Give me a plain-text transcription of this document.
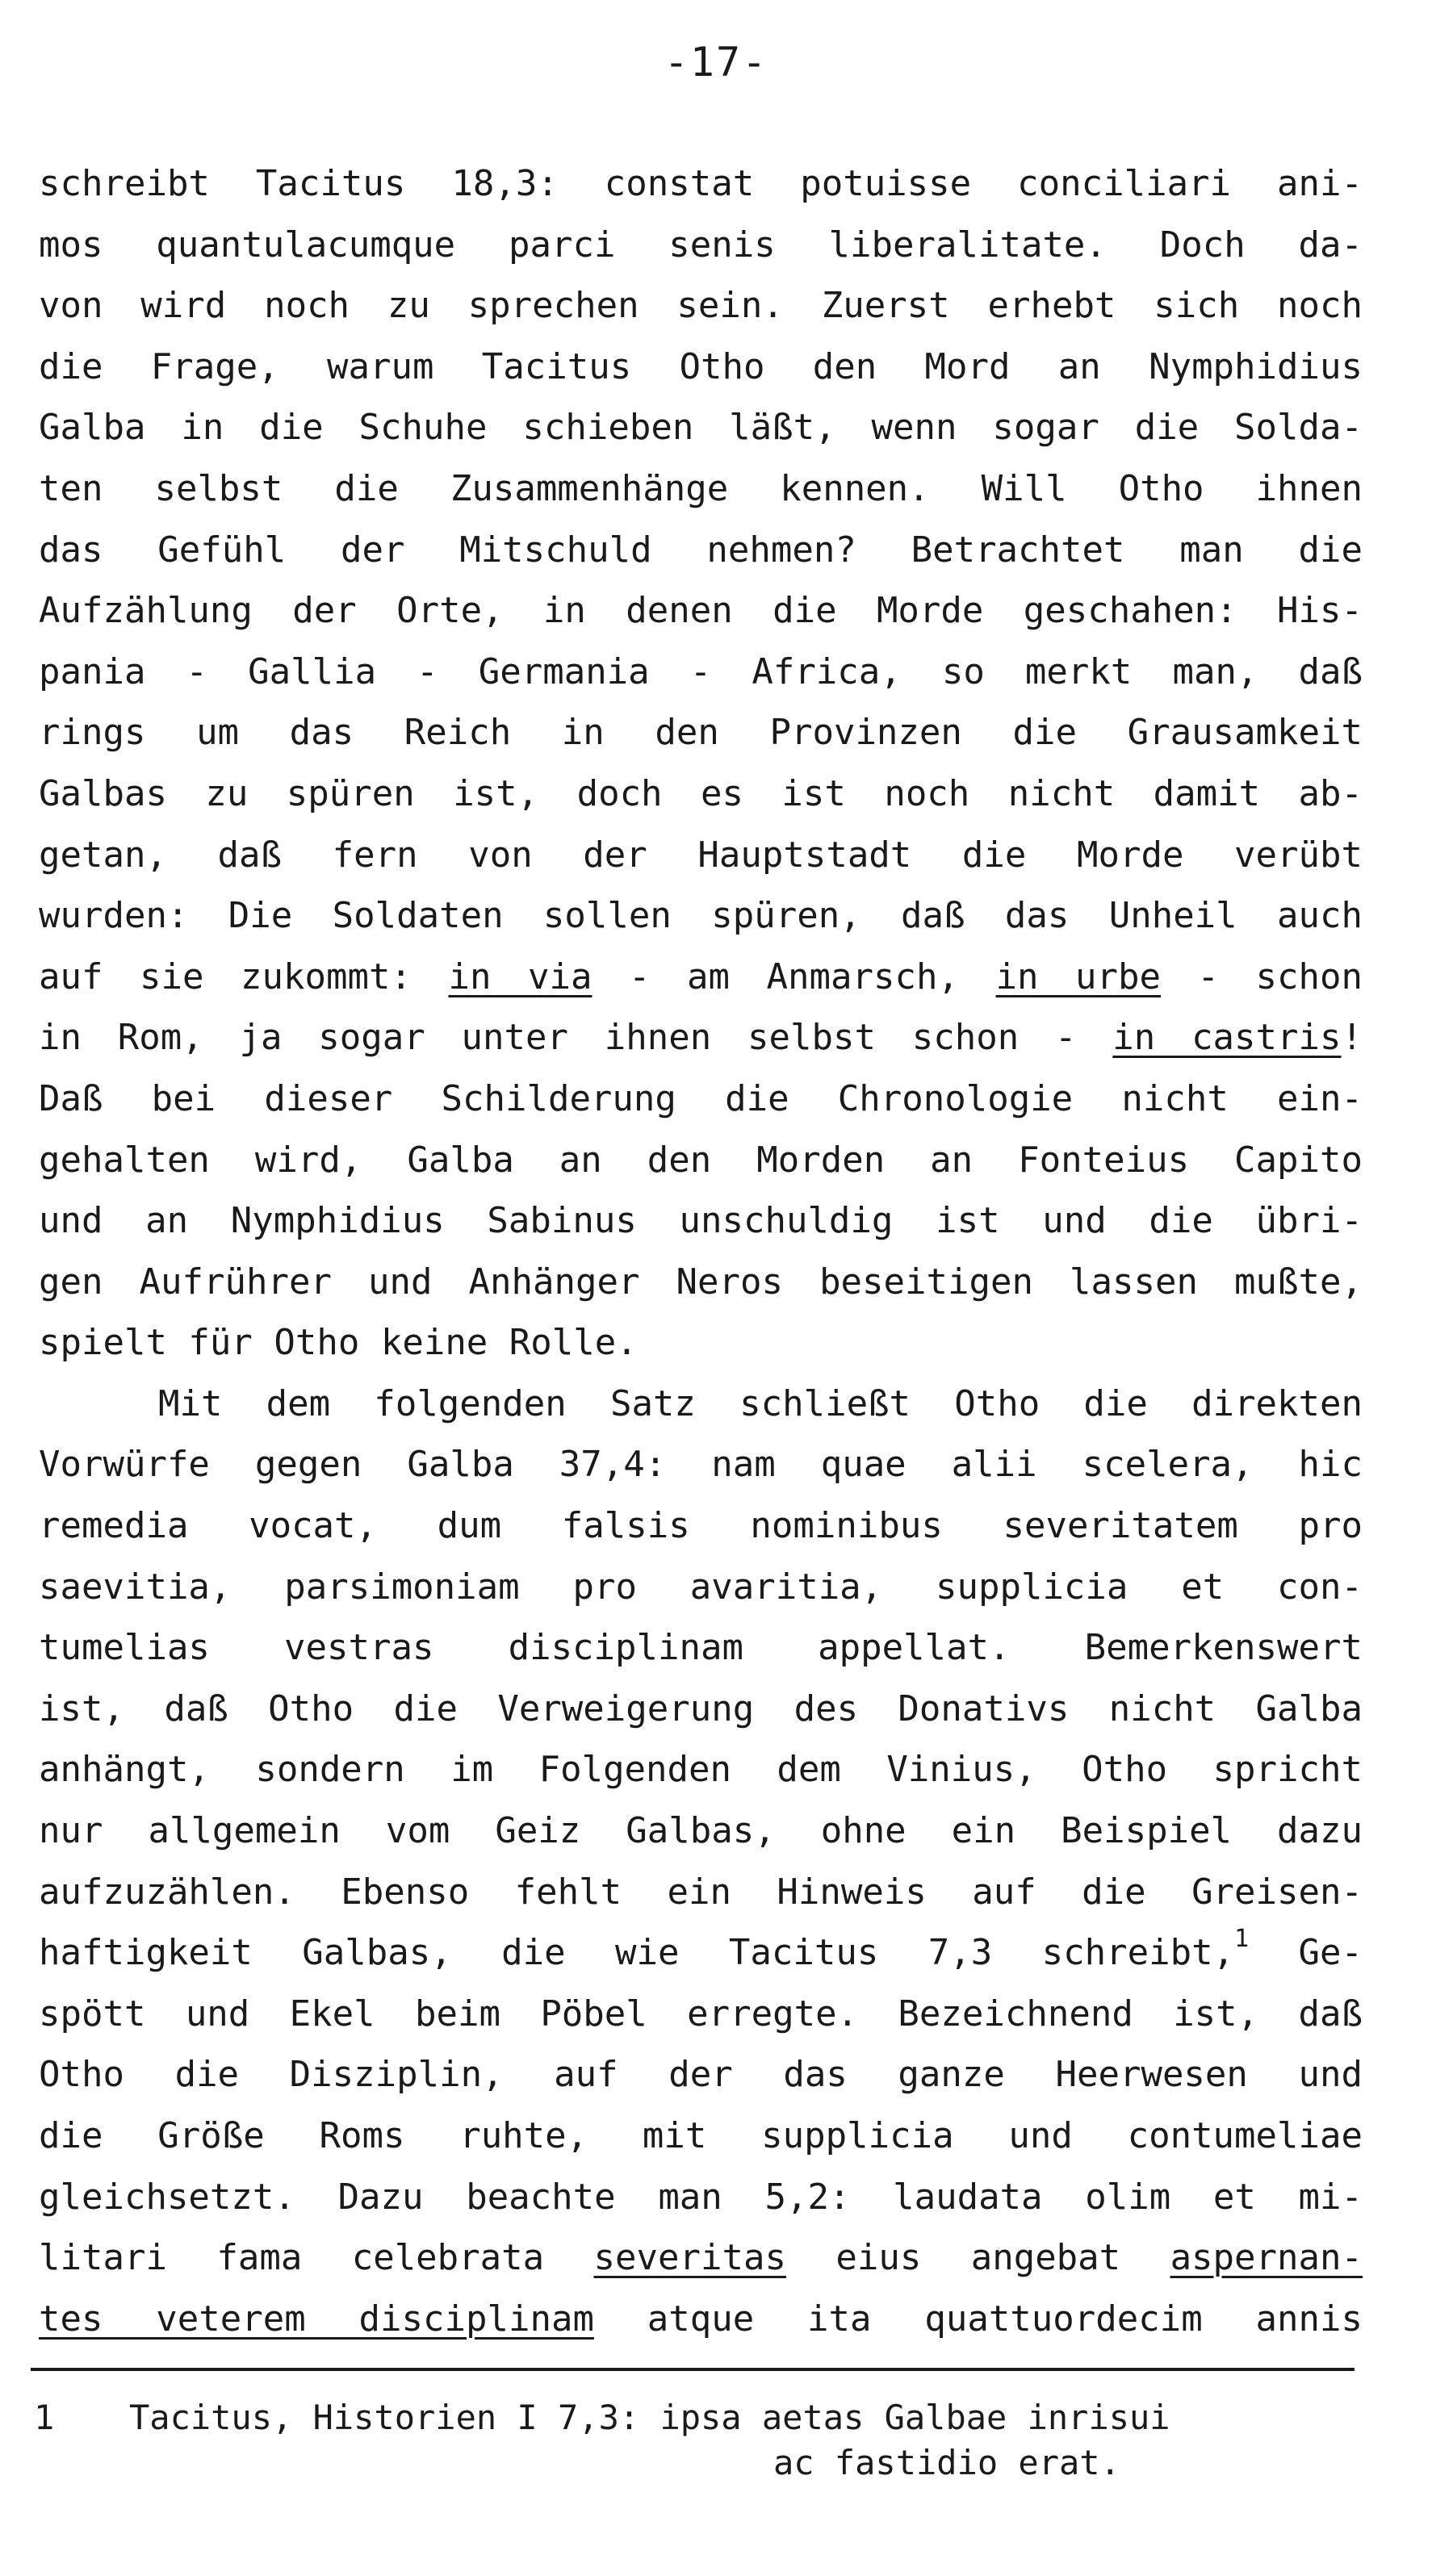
-17-
schreibt Tacitus 18,3: constat potuisse conciliari ani-
mos quantulacumque parci senis liberalitate. Doch da-
von wird noch zu sprechen sein. Zuerst erhebt sich noch
die Frage, warum Tacitus Otho den Mord an Nymphidius
Galba in die Schuhe schieben läßt, wenn sogar die Solda-
ten selbst die Zusammenhänge kennen. Will Otho ihnen
das Gefühl der Mitschuld nehmen? Betrachtet man die
Aufzählung der Orte, in denen die Morde geschahen: His-
pania - Gallia - Germania - Africa, so merkt man, daß
rings um das Reich in den Provinzen die Grausamkeit
Galbas zu spüren ist, doch es ist noch nicht damit ab-
getan, daß fern von der Hauptstadt die Morde verübt
wurden: Die Soldaten sollen spüren, daß das Unheil auch
auf sie zukommt: in via - am Anmarsch, in urbe - schon
in Rom, ja sogar unter ihnen selbst schon - in castris!
Daß bei dieser Schilderung die Chronologie nicht ein-
gehalten wird, Galba an den Morden an Fonteius Capito
und an Nymphidius Sabinus unschuldig ist und die übri-
gen Aufrührer und Anhänger Neros beseitigen lassen mußte,
spielt für Otho keine Rolle.
Mit dem folgenden Satz schließt Otho die direkten
Vorwürfe gegen Galba 37,4: nam quae alii scelera, hic
remedia vocat, dum falsis nominibus severitatem pro
saevitia, parsimoniam pro avaritia, supplicia et con-
tumelias vestras disciplinam appellat. Bemerkenswert
ist, daß Otho die Verweigerung des Donativs nicht Galba
anhängt, sondern im Folgenden dem Vinius, Otho spricht
nur allgemein vom Geiz Galbas, ohne ein Beispiel dazu
aufzuzählen. Ebenso fehlt ein Hinweis auf die Greisen-
haftigkeit Galbas, die wie Tacitus 7,3 schreibt,$^1$ Ge-
spött und Ekel beim Pöbel erregte. Bezeichnend ist, daß
Otho die Disziplin, auf der das ganze Heerwesen und
die Größe Roms ruhte, mit supplicia und contumeliae
gleichsetzt. Dazu beachte man 5,2: laudata olim et mi-
litari fama celebrata severitas eius angebat aspernan-
tes veterem disciplinam atque ita quattuordecim annis
1 Tacitus, Historien I 7,3: ipsa aetas Galbae inrisui
ac fastidio erat.
